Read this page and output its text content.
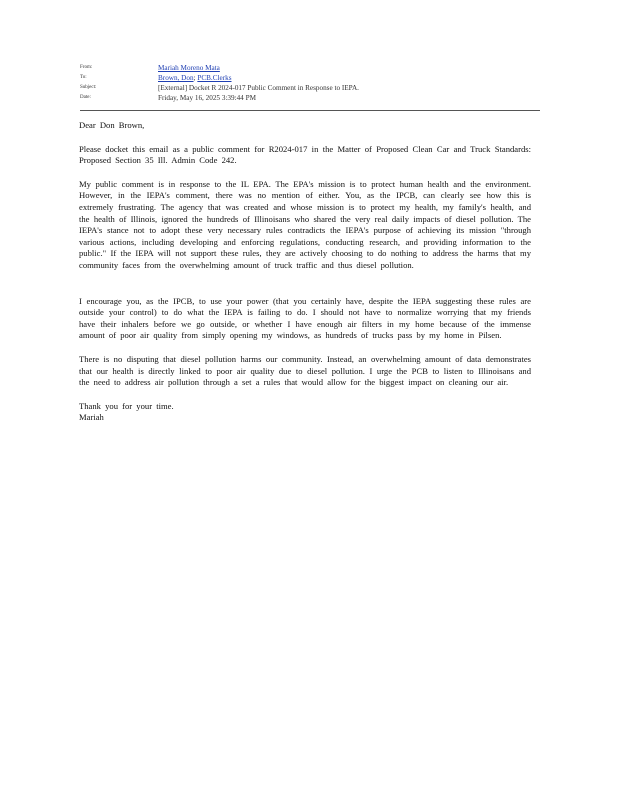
From:	Mariah Moreno Mata
To:	Brown, Don; PCB.Clerks
Subject:	[External] Docket R 2024-017 Public Comment in Response to IEPA.
Date:	Friday, May 16, 2025 3:39:44 PM

Dear Don Brown,

Please docket this email as a public comment for R2024-017 in the Matter of Proposed Clean Car and Truck Standards: Proposed Section 35 Ill. Admin Code 242.

My public comment is in response to the IL EPA. The EPA's mission is to protect human health and the environment. However, in the IEPA's comment, there was no mention of either. You, as the IPCB, can clearly see how this is extremely frustrating. The agency that was created and whose mission is to protect my health, my family's health, and the health of Illinois, ignored the hundreds of Illinoisans who shared the very real daily impacts of diesel pollution. The IEPA's stance not to adopt these very necessary rules contradicts the IEPA's purpose of achieving its mission "through various actions, including developing and enforcing regulations, conducting research, and providing information to the public." If the IEPA will not support these rules, they are actively choosing to do nothing to address the harms that my community faces from the overwhelming amount of truck traffic and thus diesel pollution.

I encourage you, as the IPCB, to use your power (that you certainly have, despite the IEPA suggesting these rules are outside your control) to do what the IEPA is failing to do. I should not have to normalize worrying that my friends have their inhalers before we go outside, or whether I have enough air filters in my home because of the immense amount of poor air quality from simply opening my windows, as hundreds of trucks pass by my home in Pilsen.

There is no disputing that diesel pollution harms our community. Instead, an overwhelming amount of data demonstrates that our health is directly linked to poor air quality due to diesel pollution. I urge the PCB to listen to Illinoisans and the need to address air pollution through a set a rules that would allow for the biggest impact on cleaning our air.

Thank you for your time.

Mariah
